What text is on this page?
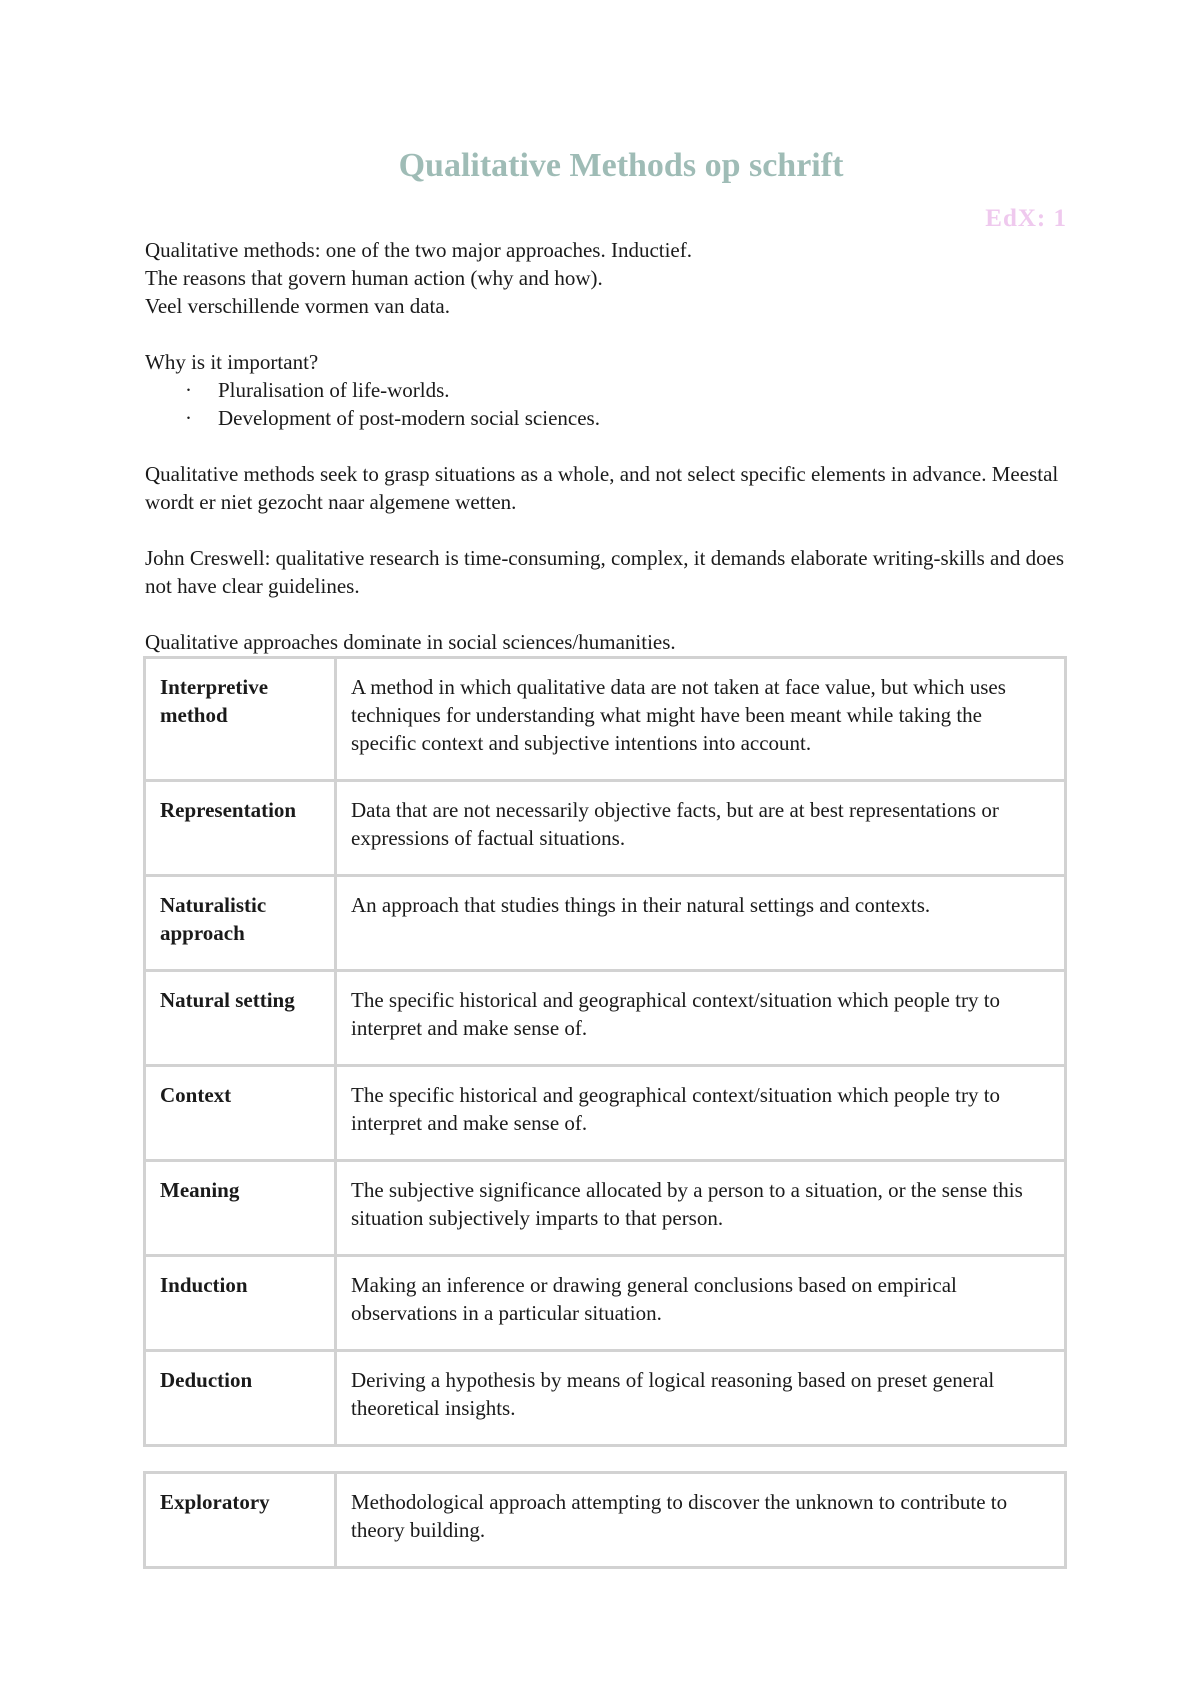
Qualitative Methods op schrift
EdX: 1
Qualitative methods: one of the two major approaches. Inductief.
The reasons that govern human action (why and how).
Veel verschillende vormen van data.
Why is it important?
· Pluralisation of life-worlds.
· Development of post-modern social sciences.

Qualitative methods seek to grasp situations as a whole, and not select specific elements in advance. Meestal wordt er niet gezocht naar algemene wetten.

John Creswell: qualitative research is time-consuming, complex, it demands elaborate writing-skills and does not have clear guidelines.

Qualitative approaches dominate in social sciences/humanities.

Interpretive method	A method in which qualitative data are not taken at face value, but which uses techniques for understanding what might have been meant while taking the specific context and subjective intentions into account.
Representation	Data that are not necessarily objective facts, but are at best representations or expressions of factual situations.
Naturalistic approach	An approach that studies things in their natural settings and contexts.
Natural setting	The specific historical and geographical context/situation which people try to interpret and make sense of.
Context	The specific historical and geographical context/situation which people try to interpret and make sense of.
Meaning	The subjective significance allocated by a person to a situation, or the sense this situation subjectively imparts to that person.
Induction	Making an inference or drawing general conclusions based on empirical observations in a particular situation.
Deduction	Deriving a hypothesis by means of logical reasoning based on preset general theoretical insights.
Exploratory	Methodological approach attempting to discover the unknown to contribute to theory building.
